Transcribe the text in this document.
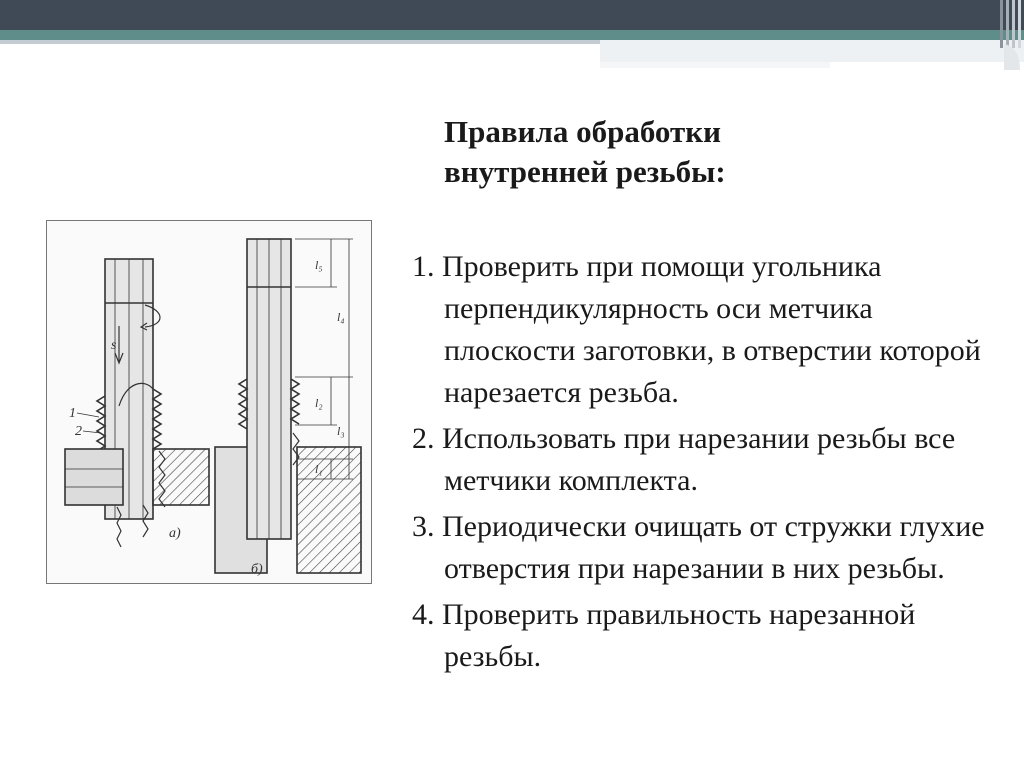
Правила обработки
внутренней резьбы:
1. Проверить при помощи угольника перпендикулярность оси метчика плоскости заготовки, в отверстии которой нарезается резьба.
2. Использовать при нарезании резьбы все метчики комплекта.
3. Периодически очищать от стружки глухие отверстия при нарезании в них резьбы.
4. Проверить правильность нарезанной резьбы.
1
2
s
а)
l₅
l₄
l₂
l₃
l₁
б)
